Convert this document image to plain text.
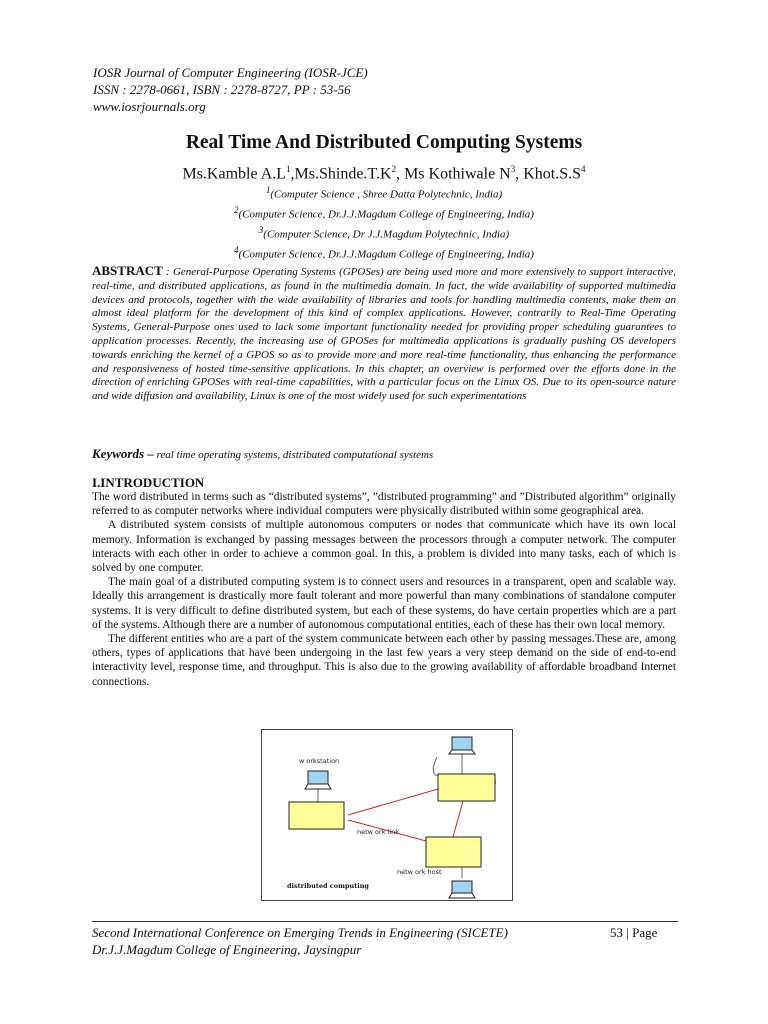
IOSR Journal of Computer Engineering (IOSR-JCE)
ISSN : 2278-0661, ISBN : 2278-8727, PP : 53-56
www.iosrjournals.org
Real Time And Distributed Computing Systems
Ms.Kamble $A.L^1,Ms.Shinde.T.K^2$, Ms Kothiwale $N^3$, $Khot.S.S^4$
$^1$(Computer Science , Shree Datta Polytechnic, India)
$^2$(Computer Science, Dr.J.J.Magdum College of Engineering, India)
$^3$(Computer Science, Dr J.J.Magdum Polytechnic, India)
$^4$(Computer Science, Dr.J.J.Magdum College of Engineering, India)
ABSTRACT : General-Purpose Operating Systems (GPOSes) are being used more and more extensively to support interactive, real-time, and distributed applications, as found in the multimedia domain. In fact, the wide availability of supported multimedia devices and protocols, together with the wide availability of libraries and tools for handling multimedia contents, make them an almost ideal platform for the development of this kind of complex applications. However, contrarily to Real-Time Operating Systems, General-Purpose ones used to lack some important functionality needed for providing proper scheduling guarantees to application processes. Recently, the increasing use of GPOSes for multimedia applications is gradually pushing OS developers towards enriching the kernel of a GPOS so as to provide more and more real-time functionality, thus enhancing the performance and responsiveness of hosted time-sensitive applications. In this chapter, an overview is performed over the efforts done in the direction of enriching GPOSes with real-time capabilities, with a particular focus on the Linux OS. Due to its open-source nature and wide diffusion and availability, Linux is one of the most widely used for such experimentations
Keywords – real time operating systems, distributed computational systems
I.INTRODUCTION

The word distributed in terms such as “distributed systems”, ”distributed programming” and ”Distributed algorithm” originally referred to as computer networks where individual computers were physically distributed within some geographical area.

A distributed system consists of multiple autonomous computers or nodes that communicate which have its own local memory. Information is exchanged by passing messages between the processors through a computer network. The computer interacts with each other in order to achieve a common goal. In this, a problem is divided into many tasks, each of which is solved by one computer.

The main goal of a distributed computing system is to connect users and resources in a transparent, open and scalable way. Ideally this arrangement is drastically more fault tolerant and more powerful than many combinations of standalone computer systems. It is very difficult to define distributed system, but each of these systems, do have certain properties which are a part of the systems. Although there are a number of autonomous computational entities, each of these has their own local memory.

The different entities who are a part of the system communicate between each other by passing messages.These are, among others, types of applications that have been undergoing in the last few years a very steep demand on the side of end-to-end interactivity level, response time, and throughput. This is also due to the growing availability of affordable broadband Internet connections.

w orkstation
netw ork link
netw ork host
distributed computing
Second International Conference on Emerging Trends in Engineering (SICETE)
Dr.J.J.Magdum College of Engineering, Jaysingpur
53 | Page
